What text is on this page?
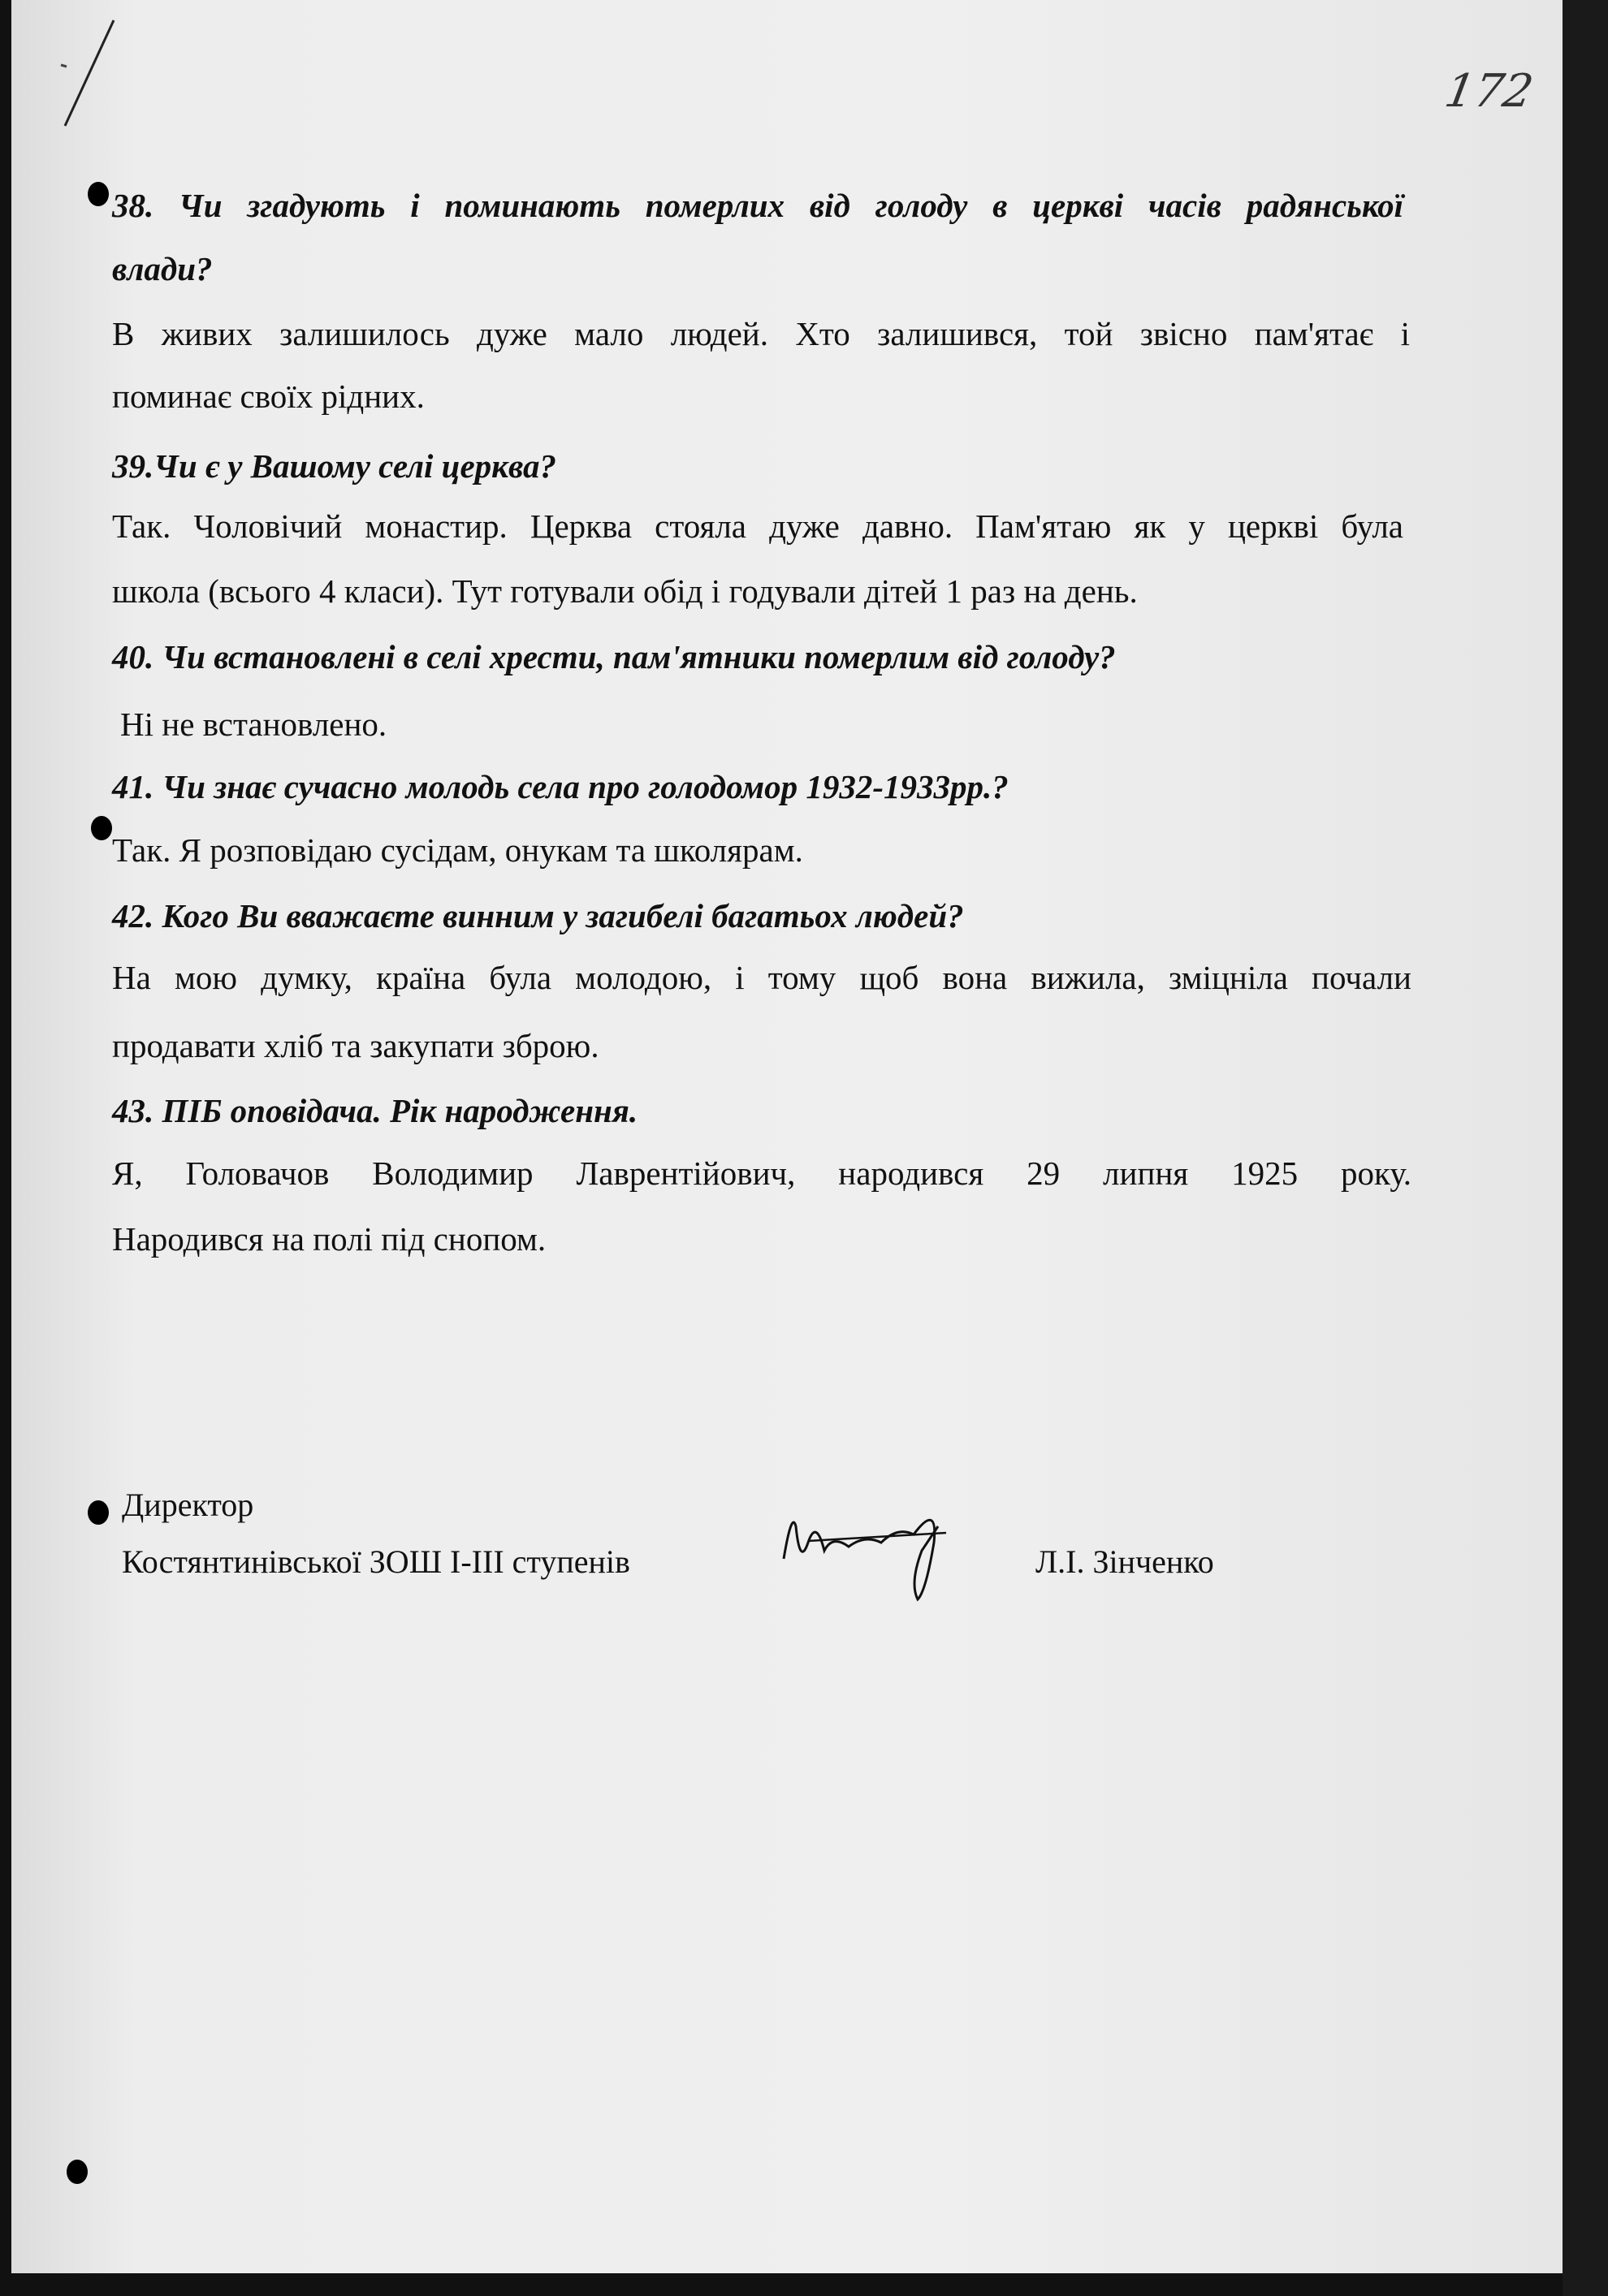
172
38. Чи згадують і поминають померлих від голоду в церкві часів радянської
влади?
В живих залишилось дуже мало людей. Хто залишився, той звісно пам'ятає і
поминає своїх рідних.
39.Чи є у Вашому селі церква?
Так. Чоловічий монастир. Церква стояла дуже давно. Пам'ятаю як у церкві була
школа (всього 4 класи). Тут готували обід і годували дітей 1 раз на день.
40. Чи встановлені в селі хрести, пам'ятники померлим від голоду?
Ні не встановлено.
41. Чи знає сучасно молодь села про голодомор 1932-1933рр.?
Так. Я розповідаю сусідам, онукам та школярам.
42. Кого Ви вважаєте винним у загибелі багатьох людей?
На мою думку, країна була молодою, і тому щоб вона вижила, зміцніла почали
продавати хліб та закупати зброю.
43. ПІБ оповідача. Рік народження.
Я, Головачов Володимир Лаврентійович, народився 29 липня 1925 року.
Народився на полі під снопом.
Директор
Костянтинівської ЗОШ І-ІІІ ступенів	Л.І. Зінченко
